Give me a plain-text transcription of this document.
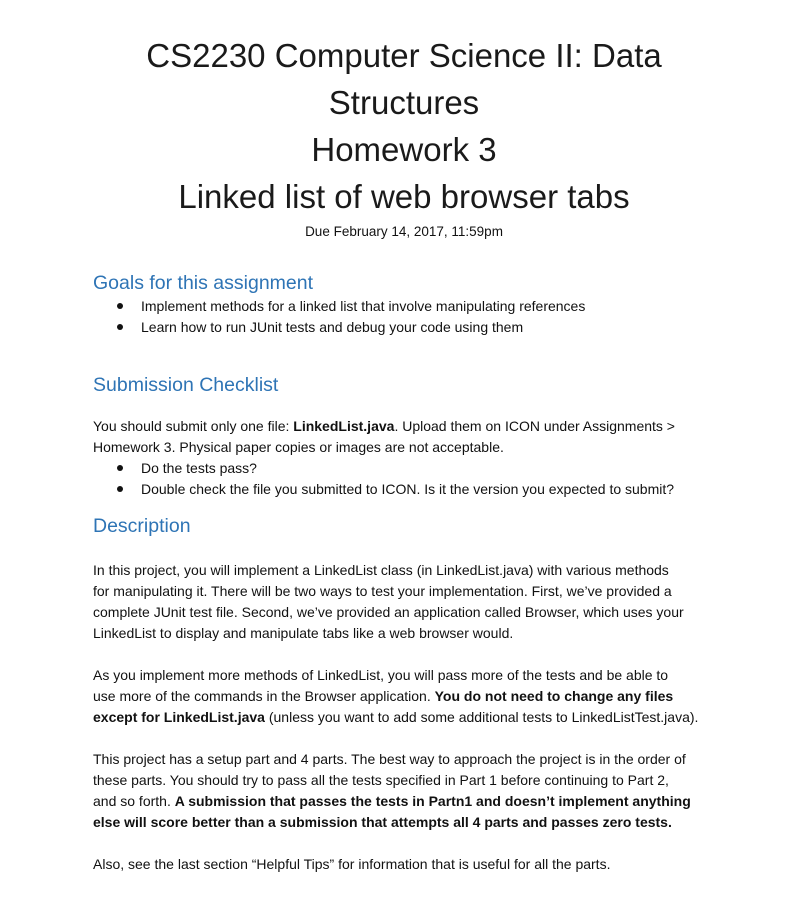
CS2230 Computer Science II: Data
Structures
Homework 3
Linked list of web browser tabs
Due February 14, 2017, 11:59pm
Goals for this assignment
Implement methods for a linked list that involve manipulating references
Learn how to run JUnit tests and debug your code using them
Submission Checklist

You should submit only one file: LinkedList.java. Upload them on ICON under Assignments >
Homework 3. Physical paper copies or images are not acceptable.

Do the tests pass?
Double check the file you submitted to ICON. Is it the version you expected to submit?
Description

In this project, you will implement a LinkedList class (in LinkedList.java) with various methods
for manipulating it. There will be two ways to test your implementation. First, we’ve provided a
complete JUnit test file. Second, we’ve provided an application called Browser, which uses your
LinkedList to display and manipulate tabs like a web browser would.

As you implement more methods of LinkedList, you will pass more of the tests and be able to
use more of the commands in the Browser application. You do not need to change any files
except for LinkedList.java (unless you want to add some additional tests to LinkedListTest.java).

This project has a setup part and 4 parts. The best way to approach the project is in the order of
these parts. You should try to pass all the tests specified in Part 1 before continuing to Part 2,
and so forth. A submission that passes the tests in Partn1 and doesn’t implement anything
else will score better than a submission that attempts all 4 parts and passes zero tests.

Also, see the last section “Helpful Tips” for information that is useful for all the parts.
